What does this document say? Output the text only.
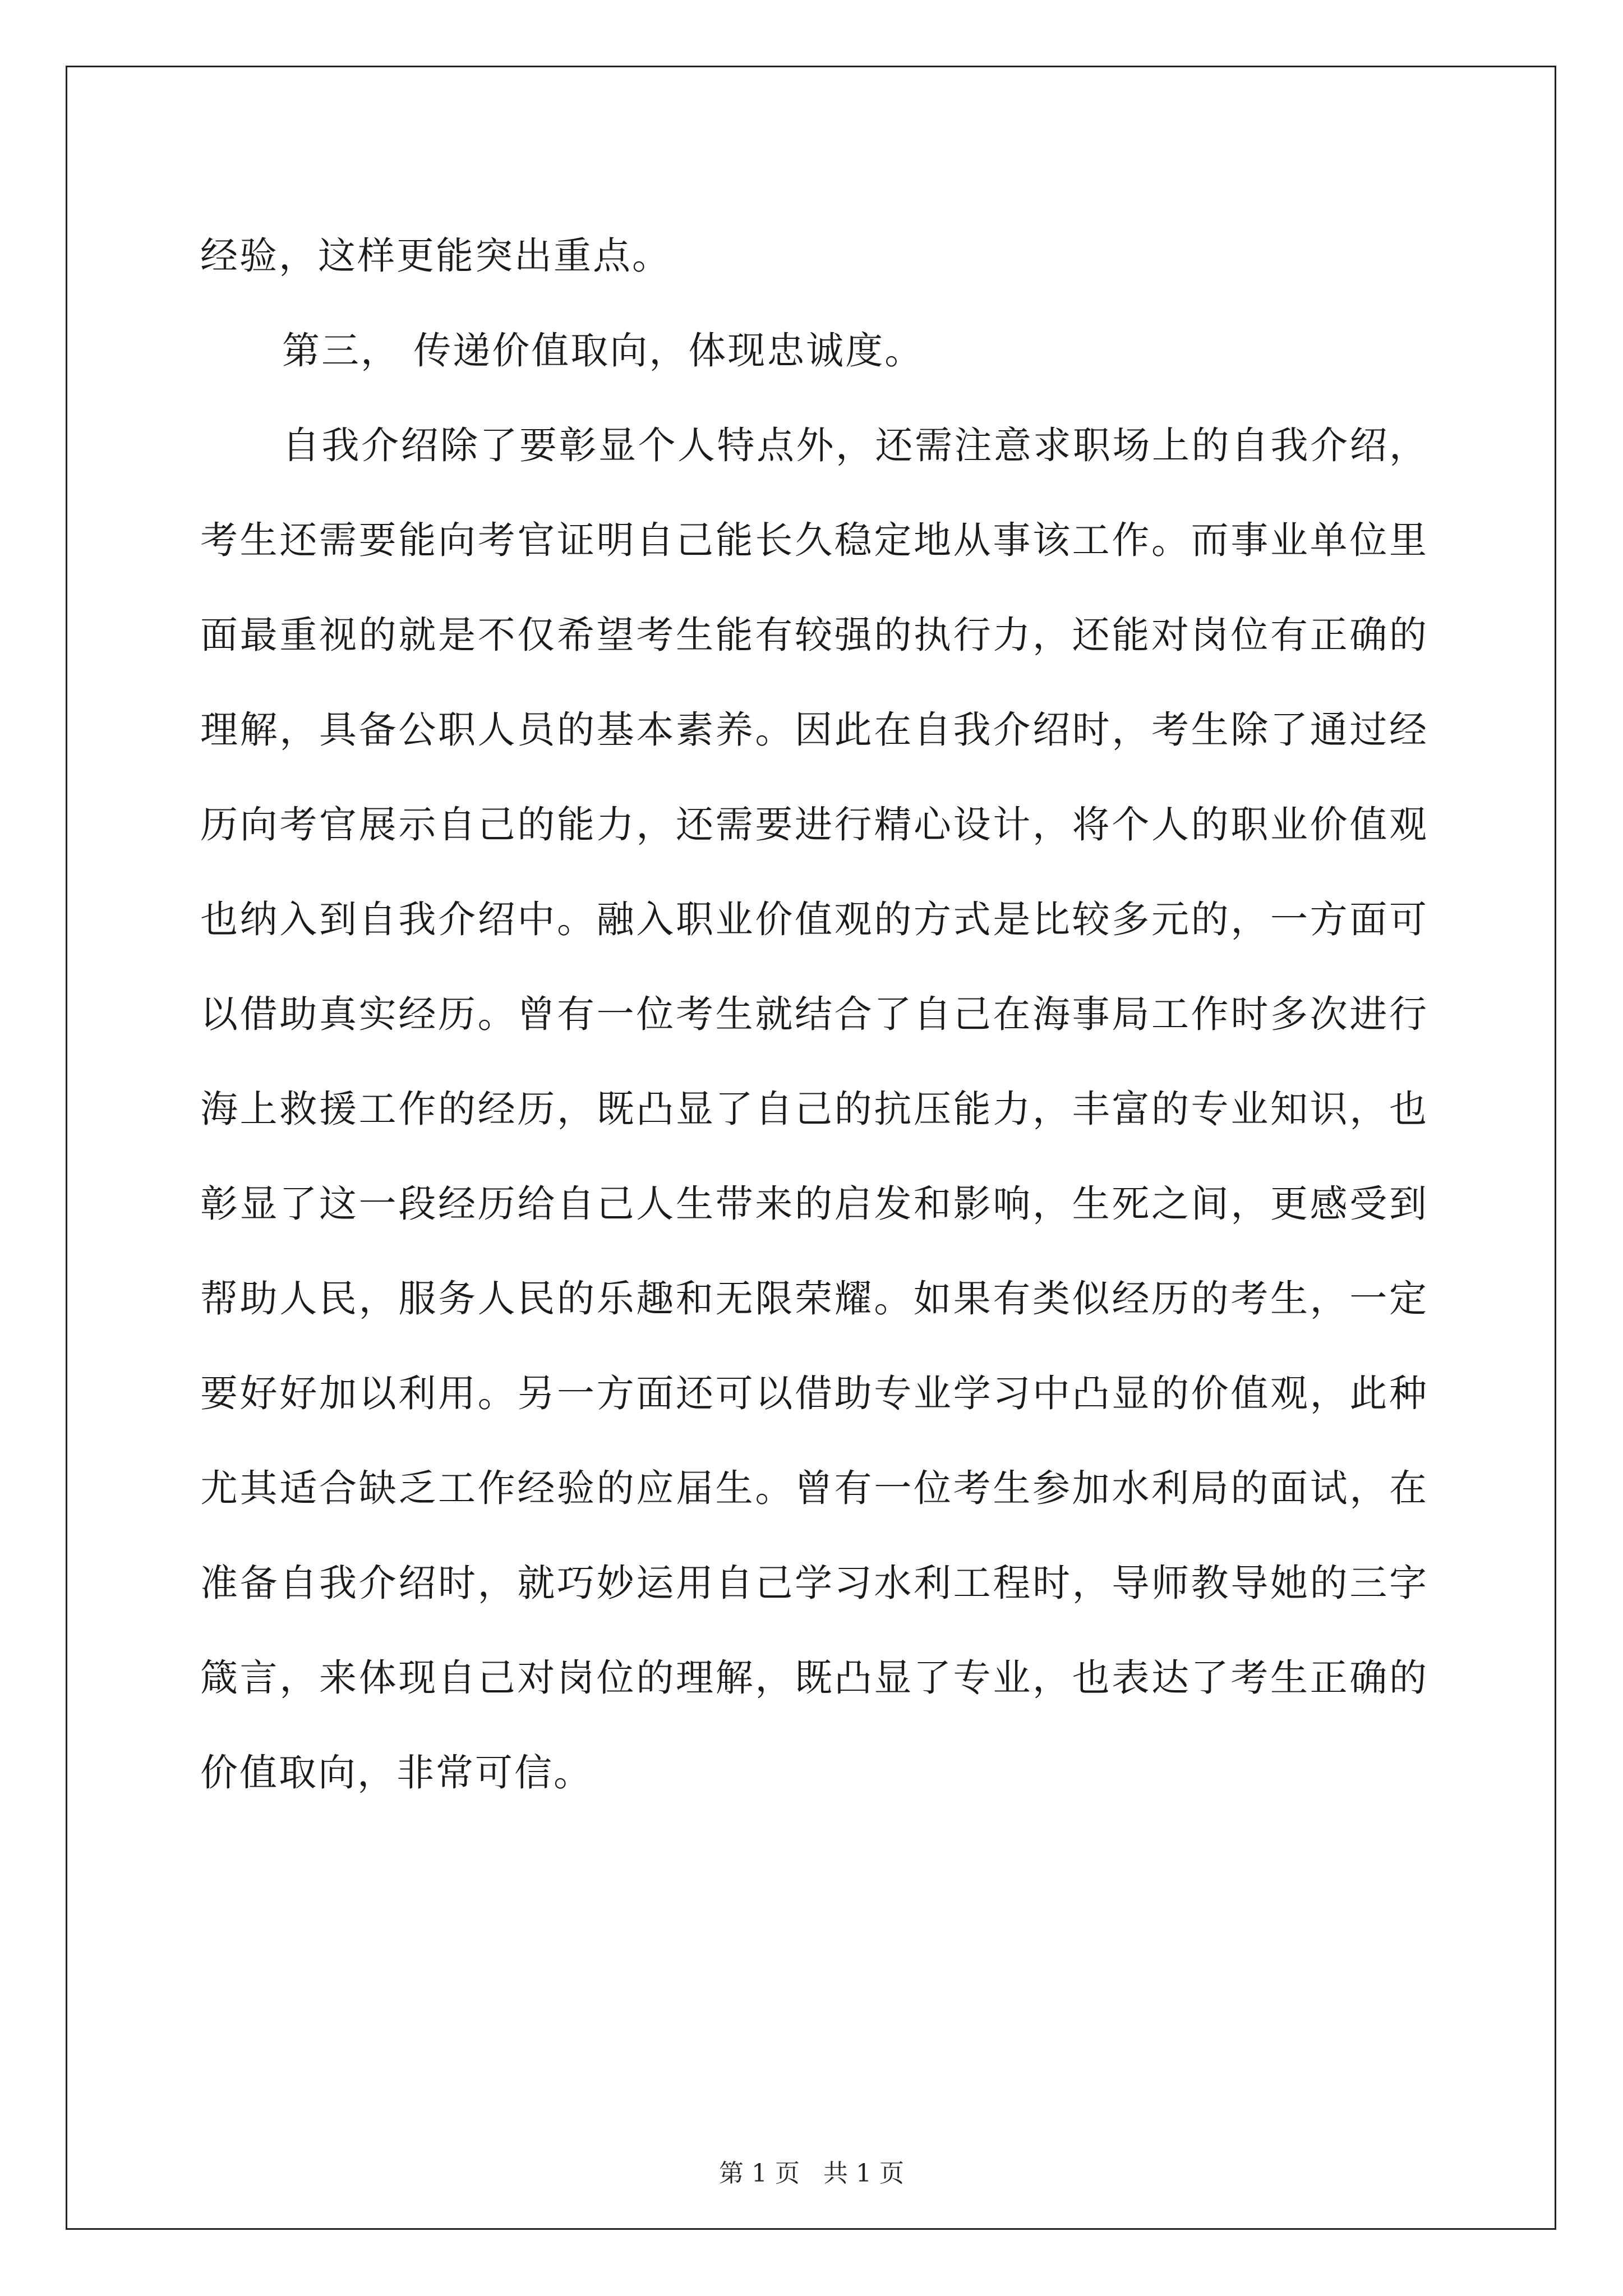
经验，这样更能突出重点。

第三， 传递价值取向，体现忠诚度。

自我介绍除了要彰显个人特点外，还需注意求职场上的自我介绍，考生还需要能向考官证明自己能长久稳定地从事该工作。而事业单位里面最重视的就是不仅希望考生能有较强的执行力，还能对岗位有正确的理解，具备公职人员的基本素养。因此在自我介绍时，考生除了通过经历向考官展示自己的能力，还需要进行精心设计，将个人的职业价值观也纳入到自我介绍中。融入职业价值观的方式是比较多元的，一方面可以借助真实经历。曾有一位考生就结合了自己在海事局工作时多次进行海上救援工作的经历，既凸显了自己的抗压能力，丰富的专业知识，也彰显了这一段经历给自己人生带来的启发和影响，生死之间，更感受到帮助人民，服务人民的乐趣和无限荣耀。如果有类似经历的考生，一定要好好加以利用。另一方面还可以借助专业学习中凸显的价值观，此种尤其适合缺乏工作经验的应届生。曾有一位考生参加水利局的面试，在准备自我介绍时，就巧妙运用自己学习水利工程时，导师教导她的三字箴言，来体现自己对岗位的理解，既凸显了专业，也表达了考生正确的价值取向，非常可信。

第 1 页 共 1 页
